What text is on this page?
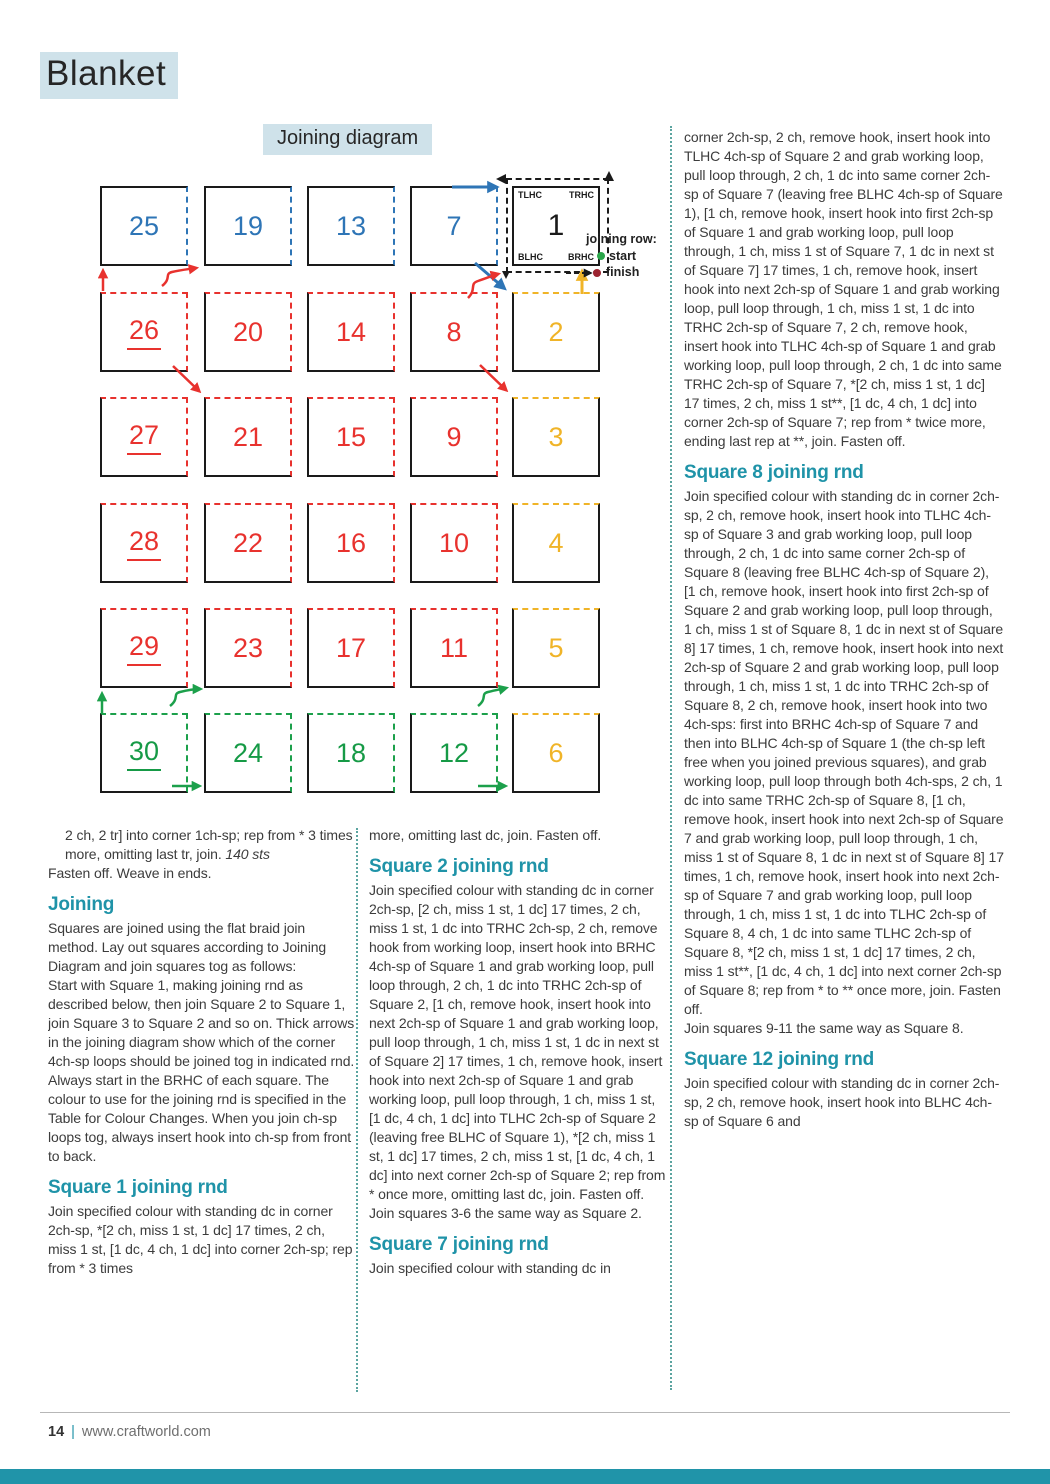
Blanket
Joining diagram
6
12
18
24
30
5
11
17
23
29
4
10
16
22
28
3
9
15
21
27
2
8
14
20
26
1
TLHC	TRHC
BLHC	BRHC
7
13
19
25	joining row:
start
finish

2 ch, 2 tr] into corner 1ch-sp; rep from * 3 times more, omitting last tr, join. 140 sts

Fasten off. Weave in ends.

Joining

Squares are joined using the flat braid join method. Lay out squares according to Joining Diagram and join squares tog as follows:

Start with Square 1, making joining rnd as described below, then join Square 2 to Square 1, join Square 3 to Square 2 and so on. Thick arrows in the joining diagram show which of the corner 4ch-sp loops should be joined tog in indicated rnd. Always start in the BRHC of each square. The colour to use for the joining rnd is specified in the Table for Colour Changes. When you join ch-sp loops tog, always insert hook into ch-sp from front to back.

Square 1 joining rnd

Join specified colour with standing dc in corner 2ch-sp, *[2 ch, miss 1 st, 1 dc] 17 times, 2 ch, miss 1 st, [1 dc, 4 ch, 1 dc] into corner 2ch-sp; rep from * 3 times

more, omitting last dc, join. Fasten off.

Square 2 joining rnd

Join specified colour with standing dc in corner 2ch-sp, [2 ch, miss 1 st, 1 dc] 17 times, 2 ch, miss 1 st, 1 dc into TRHC 2ch-sp, 2 ch, remove hook from working loop, insert hook into BRHC 4ch-sp of Square 1 and grab working loop, pull loop through, 2 ch, 1 dc into TRHC 2ch-sp of Square 2, [1 ch, remove hook, insert hook into next 2ch-sp of Square 1 and grab working loop, pull loop through, 1 ch, miss 1 st, 1 dc in next st of Square 2] 17 times, 1 ch, remove hook, insert hook into next 2ch-sp of Square 1 and grab working loop, pull loop through, 1 ch, miss 1 st, [1 dc, 4 ch, 1 dc] into TLHC 2ch-sp of Square 2 (leaving free BLHC of Square 1), *[2 ch, miss 1 st, 1 dc] 17 times, 2 ch, miss 1 st, [1 dc, 4 ch, 1 dc] into next corner 2ch-sp of Square 2; rep from * once more, omitting last dc, join. Fasten off.

Join squares 3-6 the same way as Square 2.

Square 7 joining rnd

Join specified colour with standing dc in

corner 2ch-sp, 2 ch, remove hook, insert hook into TLHC 4ch-sp of Square 2 and grab working loop, pull loop through, 2 ch, 1 dc into same corner 2ch-sp of Square 7 (leaving free BLHC 4ch-sp of Square 1), [1 ch, remove hook, insert hook into first 2ch-sp of Square 1 and grab working loop, pull loop through, 1 ch, miss 1 st of Square 7, 1 dc in next st of Square 7] 17 times, 1 ch, remove hook, insert hook into next 2ch-sp of Square 1 and grab working loop, pull loop through, 1 ch, miss 1 st, 1 dc into TRHC 2ch-sp of Square 7, 2 ch, remove hook, insert hook into TLHC 4ch-sp of Square 1 and grab working loop, pull loop through, 2 ch, 1 dc into same TRHC 2ch-sp of Square 7, *[2 ch, miss 1 st, 1 dc] 17 times, 2 ch, miss 1 st**, [1 dc, 4 ch, 1 dc] into corner 2ch-sp of Square 7; rep from * twice more, ending last rep at **, join. Fasten off.

Square 8 joining rnd

Join specified colour with standing dc in corner 2ch-sp, 2 ch, remove hook, insert hook into TLHC 4ch-sp of Square 3 and grab working loop, pull loop through, 2 ch, 1 dc into same corner 2ch-sp of Square 8 (leaving free BLHC 4ch-sp of Square 2), [1 ch, remove hook, insert hook into first 2ch-sp of Square 2 and grab working loop, pull loop through, 1 ch, miss 1 st of Square 8, 1 dc in next st of Square 8] 17 times, 1 ch, remove hook, insert hook into next 2ch-sp of Square 2 and grab working loop, pull loop through, 1 ch, miss 1 st, 1 dc into TRHC 2ch-sp of Square 8, 2 ch, remove hook, insert hook into two 4ch-sps: first into BRHC 4ch-sp of Square 7 and then into BLHC 4ch-sp of Square 1 (the ch-sp left free when you joined previous squares), and grab working loop, pull loop through both 4ch-sps, 2 ch, 1 dc into same TRHC 2ch-sp of Square 8, [1 ch, remove hook, insert hook into next 2ch-sp of Square 7 and grab working loop, pull loop through, 1 ch, miss 1 st of Square 8, 1 dc in next st of Square 8] 17 times, 1 ch, remove hook, insert hook into next 2ch-sp of Square 7 and grab working loop, pull loop through, 1 ch, miss 1 st, 1 dc into TLHC 2ch-sp of Square 8, 4 ch, 1 dc into same TLHC 2ch-sp of Square 8, *[2 ch, miss 1 st, 1 dc] 17 times, 2 ch, miss 1 st**, [1 dc, 4 ch, 1 dc] into next corner 2ch-sp of Square 8; rep from * to ** once more, join. Fasten off.

Join squares 9-11 the same way as Square 8.

Square 12 joining rnd

Join specified colour with standing dc in corner 2ch-sp, 2 ch, remove hook, insert hook into BLHC 4ch-sp of Square 6 and

14 | www.craftworld.com
